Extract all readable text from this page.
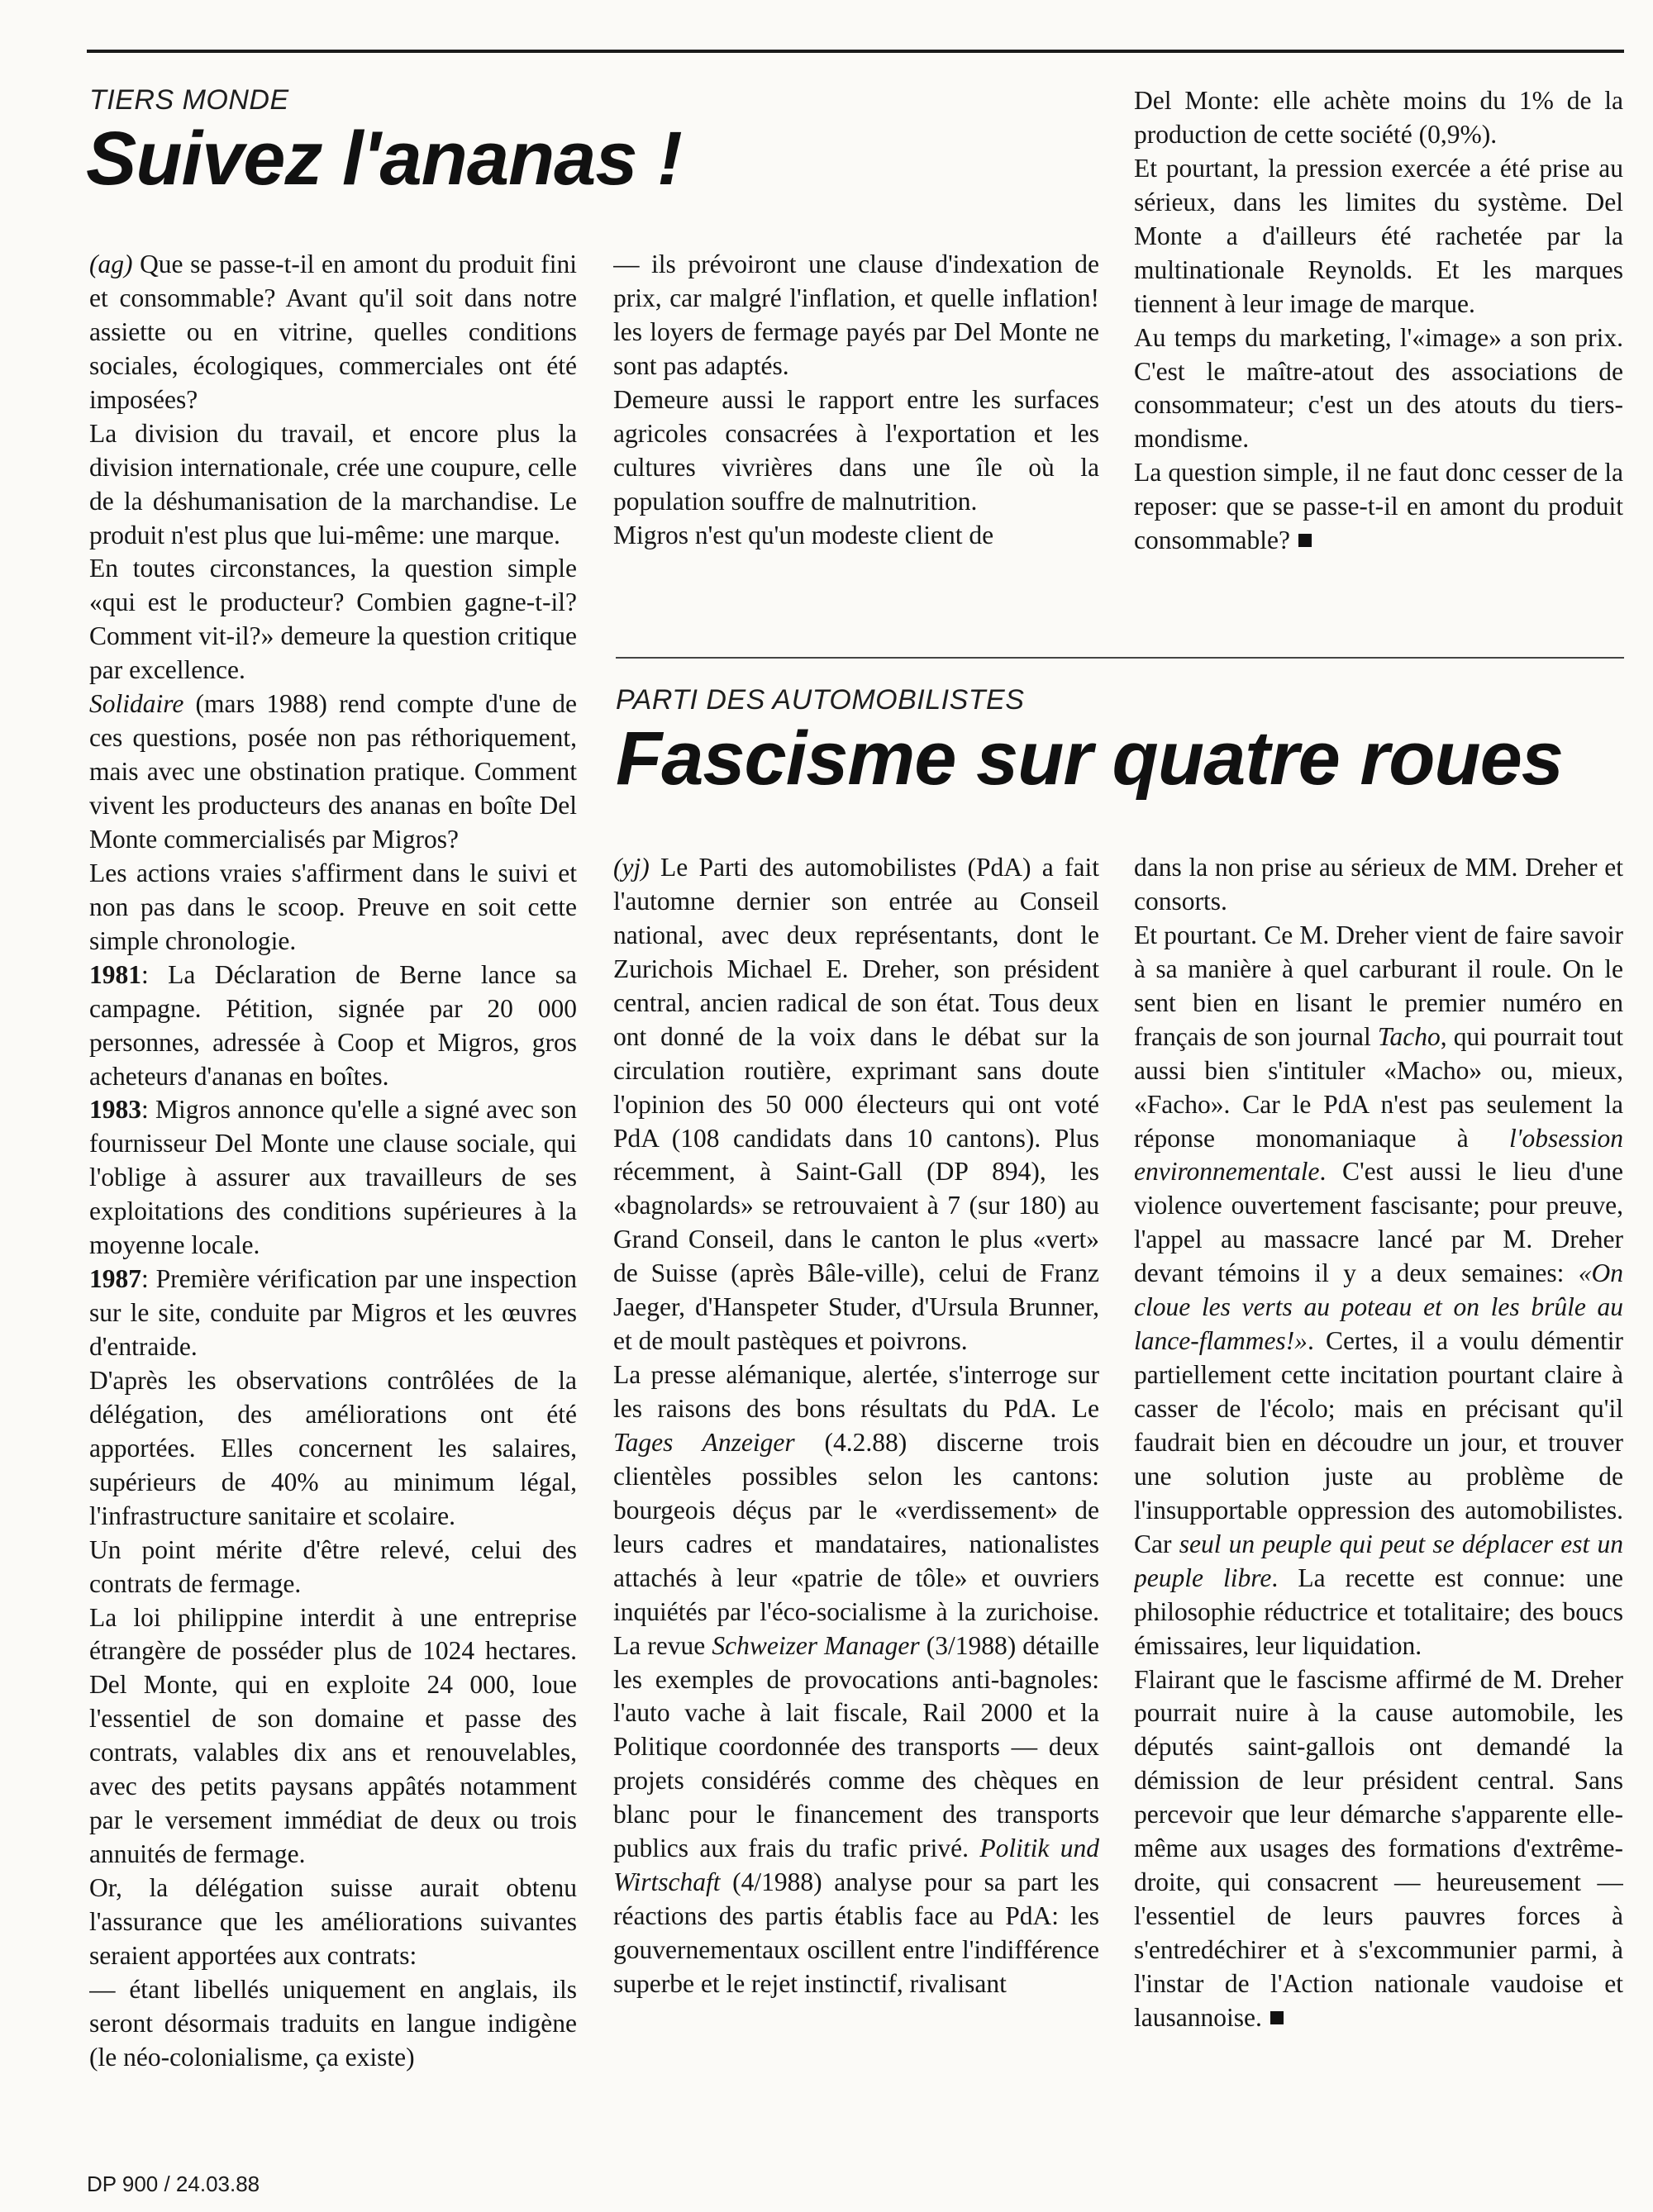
TIERS MONDE
Suivez l'ananas !

(ag) Que se passe-t-il en amont du produit fini et consommable? Avant qu'il soit dans notre assiette ou en vitrine, quelles conditions sociales, écologiques, commerciales ont été imposées?

La division du travail, et encore plus la division internationale, crée une coupure, celle de la déshumanisation de la marchandise. Le produit n'est plus que lui-même: une marque.

En toutes circonstances, la question simple «qui est le producteur? Combien gagne-t-il? Comment vit-il?» demeure la question critique par excellence.

Solidaire (mars 1988) rend compte d'une de ces questions, posée non pas réthoriquement, mais avec une obstination pratique. Comment vivent les producteurs des ananas en boîte Del Monte commercialisés par Migros?

Les actions vraies s'affirment dans le suivi et non pas dans le scoop. Preuve en soit cette simple chronologie.

1981: La Déclaration de Berne lance sa campagne. Pétition, signée par 20 000 personnes, adressée à Coop et Migros, gros acheteurs d'ananas en boîtes.

1983: Migros annonce qu'elle a signé avec son fournisseur Del Monte une clause sociale, qui l'oblige à assurer aux travailleurs de ses exploitations des conditions supérieures à la moyenne locale.

1987: Première vérification par une inspection sur le site, conduite par Migros et les œuvres d'entraide.

D'après les observations contrôlées de la délégation, des améliorations ont été apportées. Elles concernent les salaires, supérieurs de 40% au minimum légal, l'infrastructure sanitaire et scolaire.

Un point mérite d'être relevé, celui des contrats de fermage.

La loi philippine interdit à une entreprise étrangère de posséder plus de 1024 hectares. Del Monte, qui en exploite 24 000, loue l'essentiel de son domaine et passe des contrats, valables dix ans et renouvelables, avec des petits paysans appâtés notamment par le versement immédiat de deux ou trois annuités de fermage.

Or, la délégation suisse aurait obtenu l'assurance que les améliorations suivantes seraient apportées aux contrats:

— étant libellés uniquement en anglais, ils seront désormais traduits en langue indigène (le néo-colonialisme, ça existe)

— ils prévoiront une clause d'indexation de prix, car malgré l'inflation, et quelle inflation! les loyers de fermage payés par Del Monte ne sont pas adaptés.

Demeure aussi le rapport entre les surfaces agricoles consacrées à l'exportation et les cultures vivrières dans une île où la population souffre de malnutrition.

Migros n'est qu'un modeste client de

Del Monte: elle achète moins du 1% de la production de cette société (0,9%).

Et pourtant, la pression exercée a été prise au sérieux, dans les limites du système. Del Monte a d'ailleurs été rachetée par la multinationale Reynolds. Et les marques tiennent à leur image de marque.

Au temps du marketing, l'«image» a son prix. C'est le maître-atout des associations de consommateur; c'est un des atouts du tiers-mondisme.

La question simple, il ne faut donc cesser de la reposer: que se passe-t-il en amont du produit consommable?

PARTI DES AUTOMOBILISTES
Fascisme sur quatre roues

(yj) Le Parti des automobilistes (PdA) a fait l'automne dernier son entrée au Conseil national, avec deux représentants, dont le Zurichois Michael E. Dreher, son président central, ancien radical de son état. Tous deux ont donné de la voix dans le débat sur la circulation routière, exprimant sans doute l'opinion des 50 000 électeurs qui ont voté PdA (108 candidats dans 10 cantons). Plus récemment, à Saint-Gall (DP 894), les «bagnolards» se retrouvaient à 7 (sur 180) au Grand Conseil, dans le canton le plus «vert» de Suisse (après Bâle-ville), celui de Franz Jaeger, d'Hanspeter Studer, d'Ursula Brunner, et de moult pastèques et poivrons.

La presse alémanique, alertée, s'interroge sur les raisons des bons résultats du PdA. Le Tages Anzeiger (4.2.88) discerne trois clientèles possibles selon les cantons: bourgeois déçus par le «verdissement» de leurs cadres et mandataires, nationalistes attachés à leur «patrie de tôle» et ouvriers inquiétés par l'éco-socialisme à la zurichoise. La revue Schweizer Manager (3/1988) détaille les exemples de provocations anti-bagnoles: l'auto vache à lait fiscale, Rail 2000 et la Politique coordonnée des transports — deux projets considérés comme des chèques en blanc pour le financement des transports publics aux frais du trafic privé. Politik und Wirtschaft (4/1988) analyse pour sa part les réactions des partis établis face au PdA: les gouvernementaux oscillent entre l'indifférence superbe et le rejet instinctif, rivalisant

dans la non prise au sérieux de MM. Dreher et consorts.

Et pourtant. Ce M. Dreher vient de faire savoir à sa manière à quel carburant il roule. On le sent bien en lisant le premier numéro en français de son journal Tacho, qui pourrait tout aussi bien s'intituler «Macho» ou, mieux, «Facho». Car le PdA n'est pas seulement la réponse monomaniaque à l'obsession environnementale. C'est aussi le lieu d'une violence ouvertement fascisante; pour preuve, l'appel au massacre lancé par M. Dreher devant témoins il y a deux semaines: «On cloue les verts au poteau et on les brûle au lance-flammes!». Certes, il a voulu démentir partiellement cette incitation pourtant claire à casser de l'écolo; mais en précisant qu'il faudrait bien en découdre un jour, et trouver une solution juste au problème de l'insupportable oppression des automobilistes. Car seul un peuple qui peut se déplacer est un peuple libre. La recette est connue: une philosophie réductrice et totalitaire; des boucs émissaires, leur liquidation.

Flairant que le fascisme affirmé de M. Dreher pourrait nuire à la cause automobile, les députés saint-gallois ont demandé la démission de leur président central. Sans percevoir que leur démarche s'apparente elle-même aux usages des formations d'extrême-droite, qui consacrent — heureusement — l'essentiel de leurs pauvres forces à s'entredéchirer et à s'excommunier parmi, à l'instar de l'Action nationale vaudoise et lausannoise.

DP 900 / 24.03.88
